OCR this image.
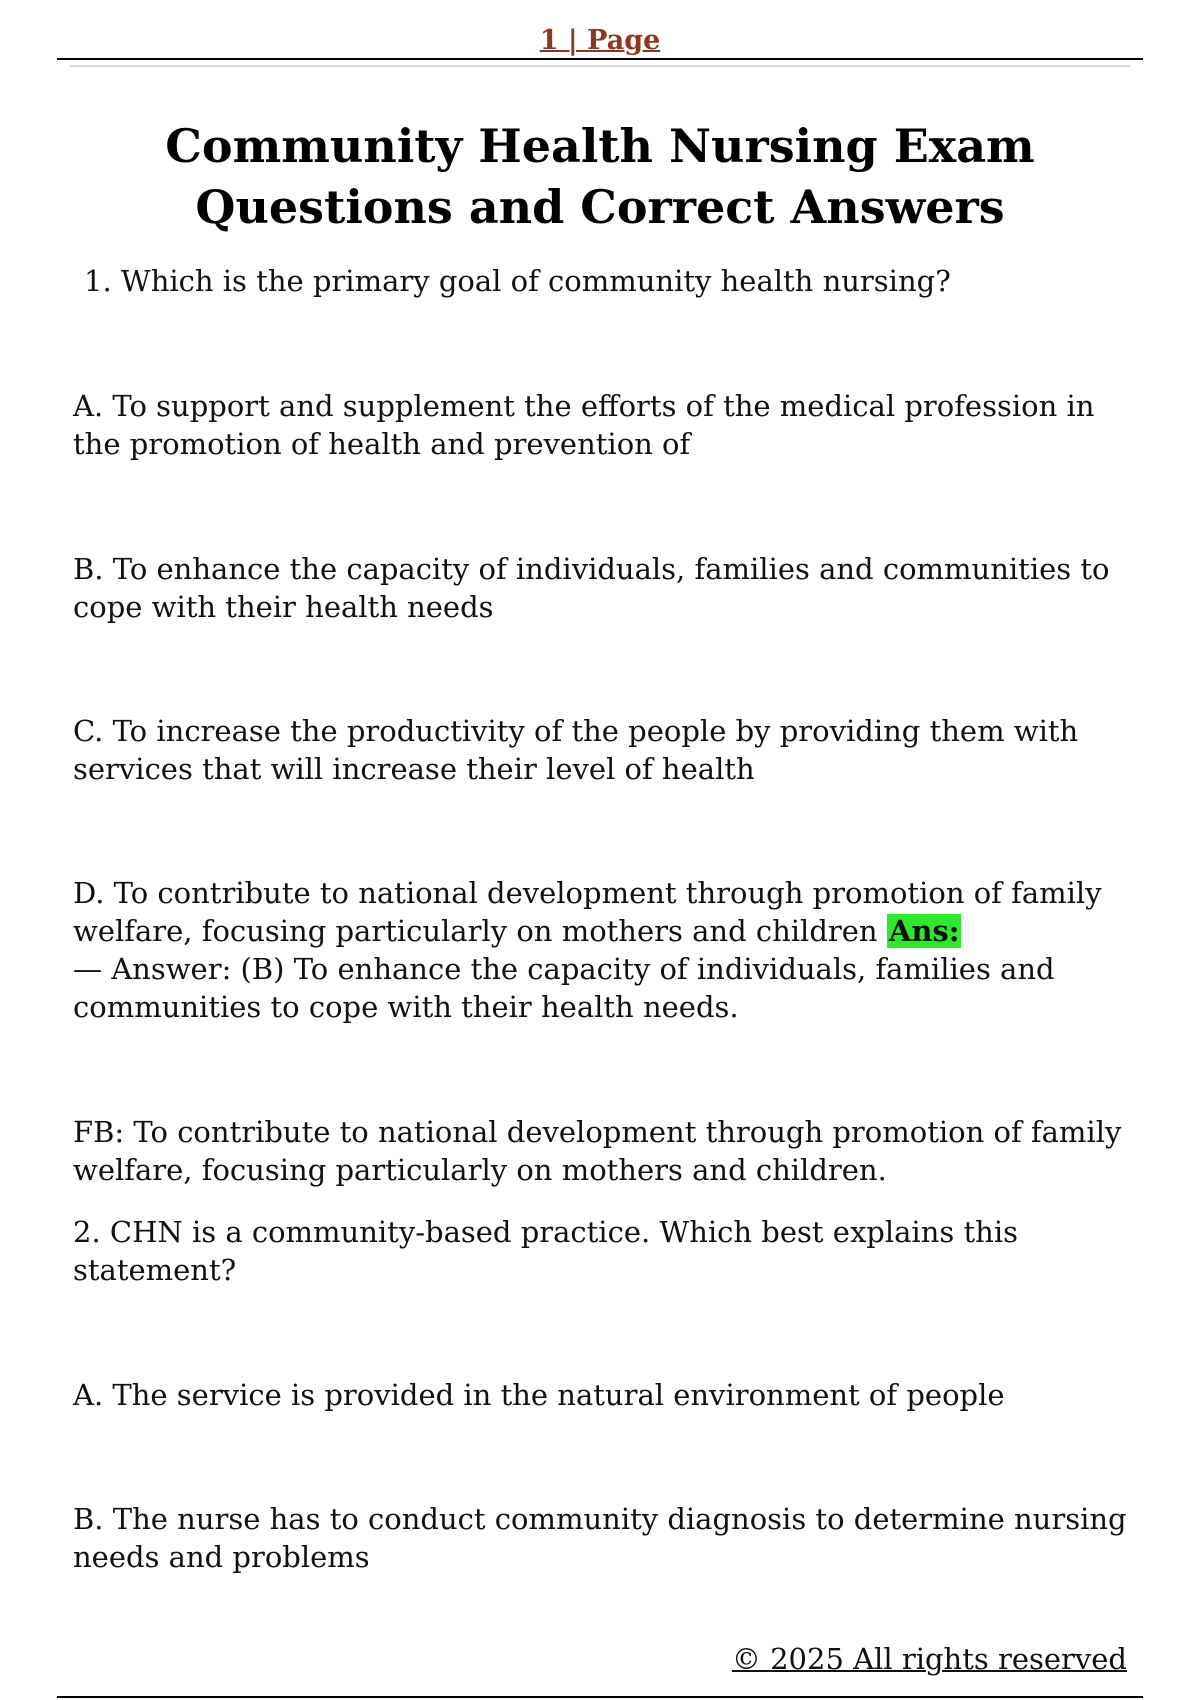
1 | Page
Community Health Nursing Exam Questions and Correct Answers

1. Which is the primary goal of community health nursing?

A. To support and supplement the efforts of the medical profession in the promotion of health and prevention of

B. To enhance the capacity of individuals, families and communities to cope with their health needs

C. To increase the productivity of the people by providing them with services that will increase their level of health

D. To contribute to national development through promotion of family welfare, focusing particularly on mothers and children Ans:
— Answer: (B) To enhance the capacity of individuals, families and communities to cope with their health needs.

FB: To contribute to national development through promotion of family welfare, focusing particularly on mothers and children.

2. CHN is a community-based practice. Which best explains this statement?

A. The service is provided in the natural environment of people

B. The nurse has to conduct community diagnosis to determine nursing needs and problems

© 2025 All rights reserved
